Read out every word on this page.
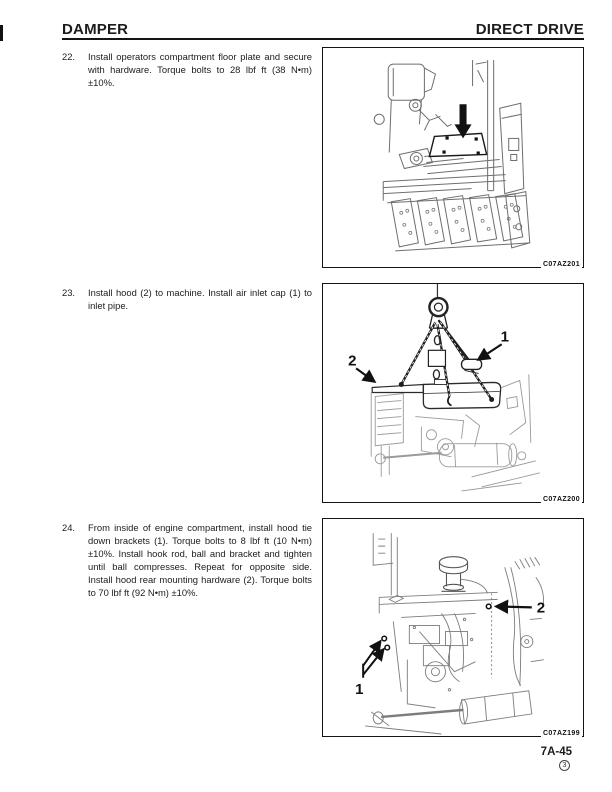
DAMPER	DIRECT DRIVE
22.	Install operators compartment floor plate and secure with hardware. Torque bolts to 28 lbf ft (38 N•m) ±10%.
23.	Install hood (2) to machine. Install air inlet cap (1) to inlet pipe.
24.	From inside of engine compartment, install hood tie down brackets (1). Torque bolts to 8 lbf ft (10 N•m) ±10%. Install hook rod, ball and bracket and tighten until ball compresses. Repeat for opposite side. Install hood rear mounting hardware (2). Torque bolts to 70 lbf ft (92 N•m) ±10%.
C07AZ201
1
2
C07AZ200
2
1
C07AZ199
7A-45
3
